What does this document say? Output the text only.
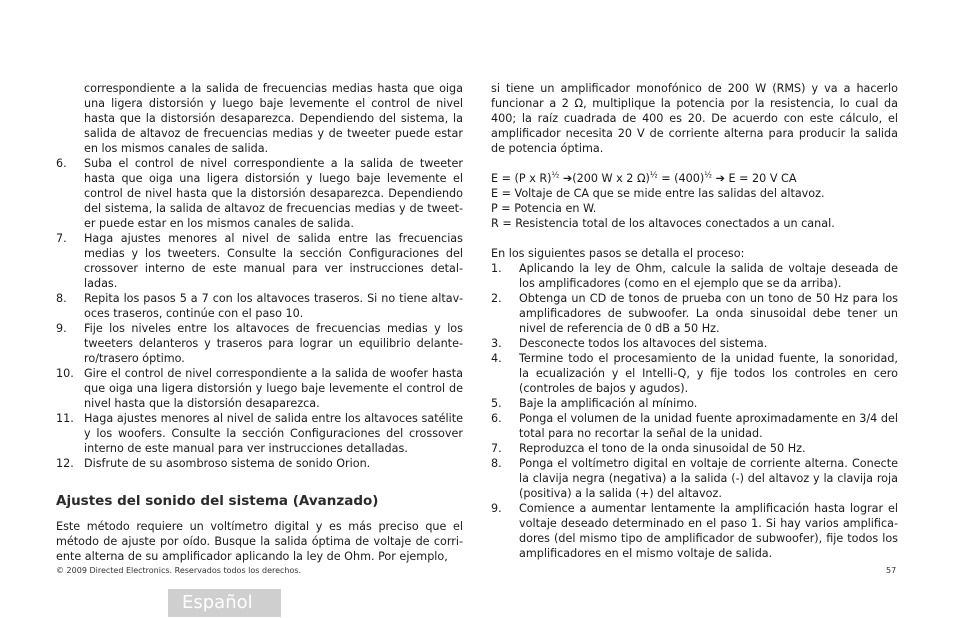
correspondiente a la salida de frecuencias medias hasta que oiga una ligera distorsión y luego baje levemente el control de nivel hasta que la distorsión desaparezca. Dependiendo del sistema, la salida de altavoz de frecuencias medias y de tweeter puede estar en los mismos canales de salida.
6.	Suba el control de nivel correspondiente a la salida de tweeter hasta que oiga una ligera distorsión y luego baje levemente el control de nivel hasta que la distorsión desaparezca. Dependiendo del sistema, la salida de altavoz de frecuencias medias y de tweet-er puede estar en los mismos canales de salida.
7.	Haga ajustes menores al nivel de salida entre las frecuencias medias y los tweeters. Consulte la sección Configuraciones del crossover interno de este manual para ver instrucciones detal-ladas.
8.	Repita los pasos 5 a 7 con los altavoces traseros. Si no tiene altav-oces traseros, continúe con el paso 10.
9.	Fije los niveles entre los altavoces de frecuencias medias y los tweeters delanteros y traseros para lograr un equilibrio delante-ro/trasero óptimo.
10. Gire el control de nivel correspondiente a la salida de woofer hasta que oiga una ligera distorsión y luego baje levemente el control de nivel hasta que la distorsión desaparezca.
11. Haga ajustes menores al nivel de salida entre los altavoces satélite y los woofers. Consulte la sección Configuraciones del crossover interno de este manual para ver instrucciones detalladas.
12. Disfrute de su asombroso sistema de sonido Orion.
Ajustes del sonido del sistema (Avanzado)

Este método requiere un voltímetro digital y es más preciso que el método de ajuste por oído. Busque la salida óptima de voltaje de corri-ente alterna de su amplificador aplicando la ley de Ohm. Por ejemplo,

si tiene un amplificador monofónico de 200 W (RMS) y va a hacerlo funcionar a 2 Ω, multiplique la potencia por la resistencia, lo cual da 400; la raíz cuadrada de 400 es 20. De acuerdo con este cálculo, el amplificador necesita 20 V de corriente alterna para producir la salida de potencia óptima.

E = (P x R)$^{\frac{1}{2}}$ ➔(200 W x 2 $\Omega)^{\frac{1}{2}} = (400)^{\frac{1}{2}}$ ➔ E = 20 V CA

E = Voltaje de CA que se mide entre las salidas del altavoz.
P = Potencia en W.
R = Resistencia total de los altavoces conectados a un canal.
En los siguientes pasos se detalla el proceso:
1.	Aplicando la ley de Ohm, calcule la salida de voltaje deseada de los amplificadores (como en el ejemplo que se da arriba).
2.	Obtenga un CD de tonos de prueba con un tono de 50 Hz para los amplificadores de subwoofer. La onda sinusoidal debe tener un nivel de referencia de 0 dB a 50 Hz.
3.	Desconecte todos los altavoces del sistema.
4.	Termine todo el procesamiento de la unidad fuente, la sonoridad, la ecualización y el Intelli-Q, y fije todos los controles en cero (controles de bajos y agudos).
5.	Baje la amplificación al mínimo.
6.	Ponga el volumen de la unidad fuente aproximadamente en 3/4 del total para no recortar la señal de la unidad.
7.	Reproduzca el tono de la onda sinusoidal de 50 Hz.
8.	Ponga el voltímetro digital en voltaje de corriente alterna. Conecte la clavija negra (negativa) a la salida (-) del altavoz y la clavija roja (positiva) a la salida (+) del altavoz.
9.	Comience a aumentar lentamente la amplificación hasta lograr el voltaje deseado determinado en el paso 1. Si hay varios amplifica-dores (del mismo tipo de amplificador de subwoofer), fije todos los amplificadores en el mismo voltaje de salida.
© 2009 Directed Electronics. Reservados todos los derechos.	57
Español
